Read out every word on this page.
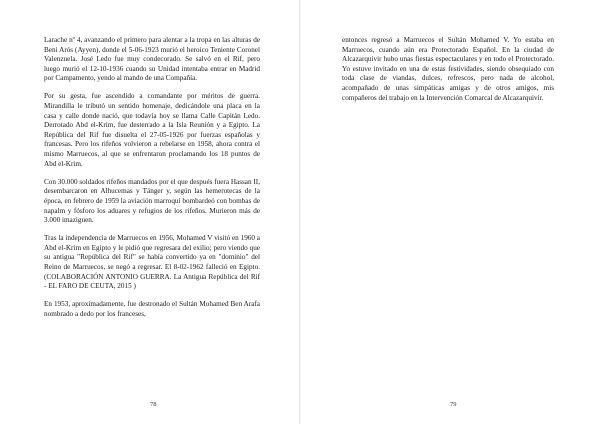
Larache nº 4, avanzando el primero para alentar a la tropa en las alturas de Beni Arós (Ayyen), donde el 5-06-1923 murió el heroico Teniente Coronel Valenzuela. José Ledo fue muy condecorado. Se salvó en el Rif, pero luego murió el 12-10-1936 cuando su Unidad intentaba entrar en Madrid por Campamento, yendo al mando de una Compañía.

Por su gesta, fue ascendido a comandante por méritos de guerra. Mirandilla le tributó un sentido homenaje, dedicándole una placa en la casa y calle donde nació, que todavía hoy se llama Calle Capitán Ledo. Derrotado Abd el-Krim, fue desterrado a la Isla Reunión y a Egipto. La República del Rif fue disuelta el 27-05-1926 por fuerzas españolas y francesas. Pero los rifeños volvieron a rebelarse en 1958, ahora contra el mismo Marruecos, al que se enfrentaron proclamando los 18 puntos de Abd el-Krim.

Con 30.000 soldados rifeños mandados por el que después fuera Hassan II, desembarcaron en Alhucemas y Tánger y, según las hemerotecas de la época, en febrero de 1959 la aviación marroquí bombardeó con bombas de napalm y fósforo los aduares y refugios de los rifeños. Murieron más de 3.000 imaziguen.

Tras la independencia de Marruecos en 1956, Mohamed V visitó en 1960 a Abd el-Krim en Egipto y le pidió que regresara del exilio; pero viendo que su antigua "República del Rif" se había convertido ya en "dominio" del Reino de Marruecos, se negó a regresar. El 8-02-1962 falleció en Egipto. (COLABORACIÓN ANTONIO GUERRA. La Antigua República del Rif - EL FARO DE CEUTA, 2015 )

En 1953, aproximadamente, fue destronado el Sultán Mohamed Ben Arafa nombrado a dedo por los franceses,

78

entonces regresó a Marruecos el Sultán Mohamed V. Yo estaba en Marruecos, cuando aún era Protectorado Español. En la ciudad de Alcazarquivir hubo unas fiestas espectaculares y en todo el Protectorado. Yo estuve invitado en una de estas festividades, siendo obsequiado con toda clase de viandas, dulces, refrescos, pero nada de alcohol, acompañado de unas simpáticas amigas y de otros amigos, mis compañeros del trabajo en la Intervención Comarcal de Alcazarquivir.

79
